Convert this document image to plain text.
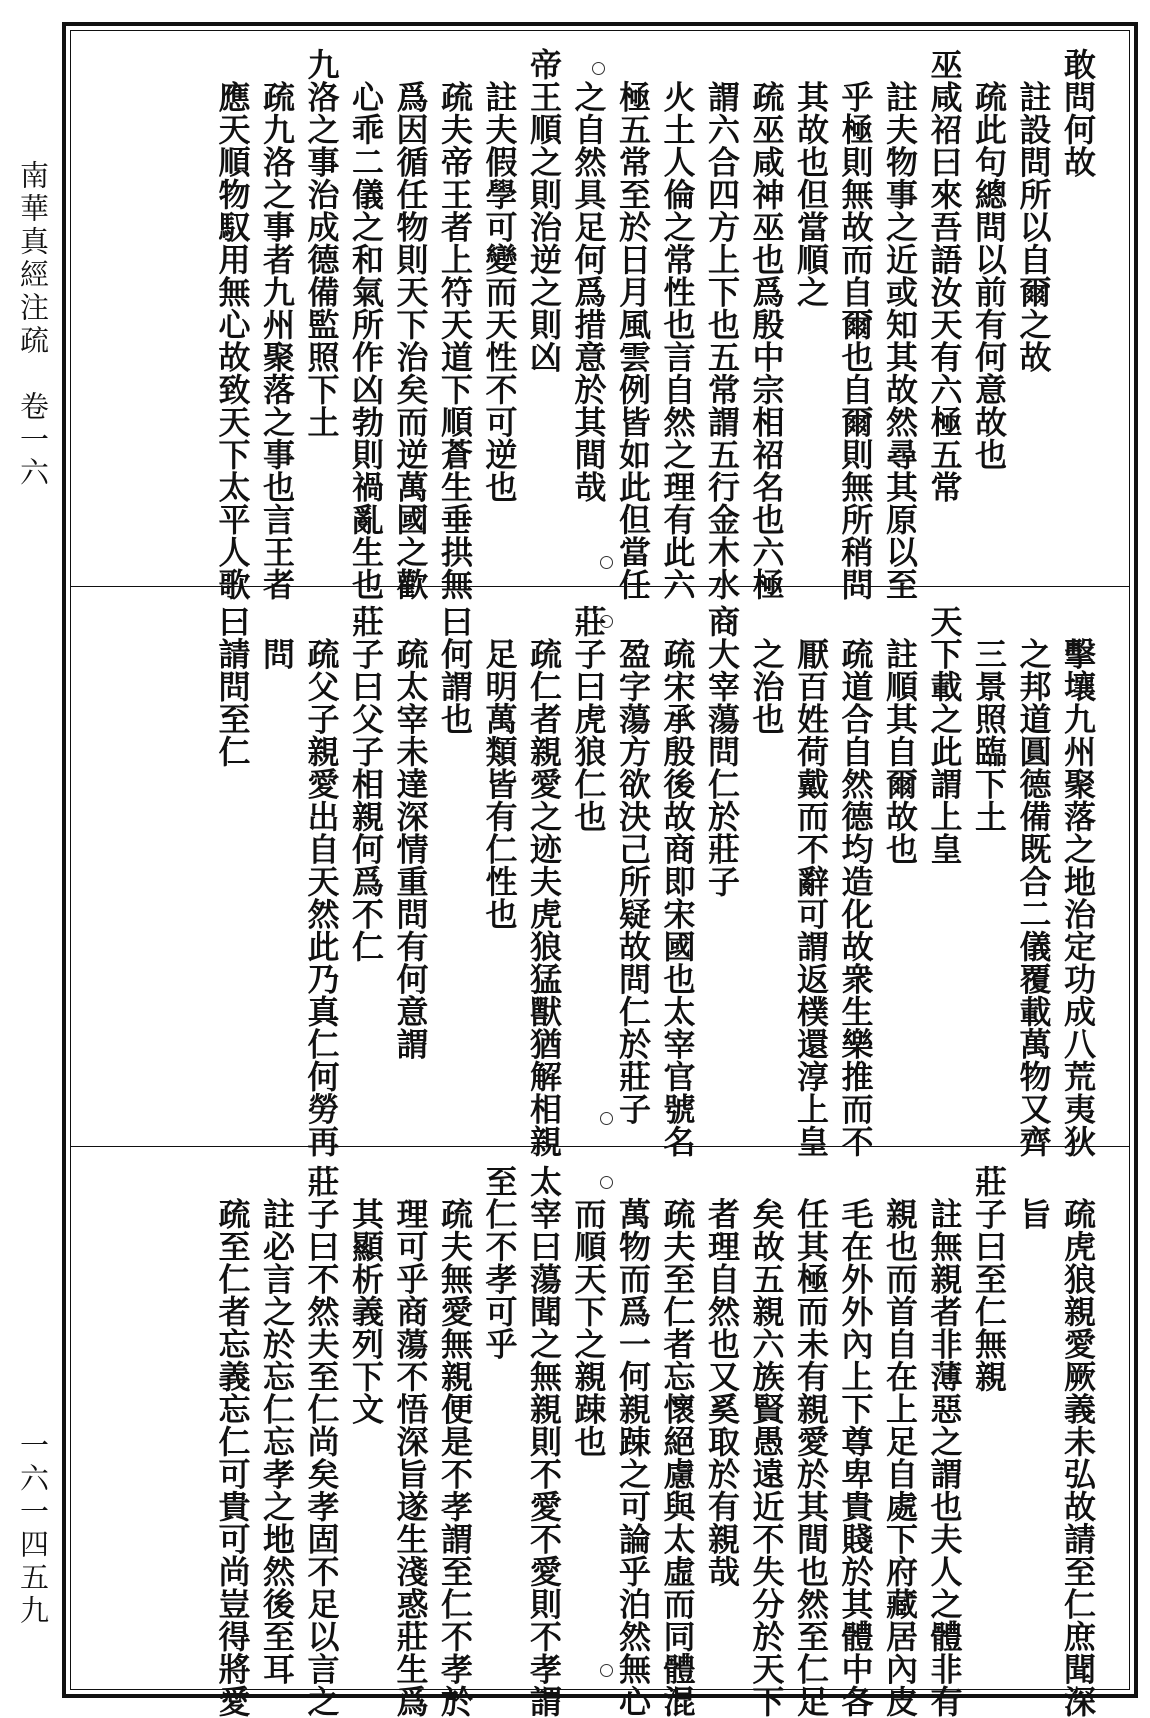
南華真經注疏　卷一六
一六一四五九
敢問何故
　註設問所以自爾之故
　疏此句總問以前有何意故也
巫咸祒曰來吾語汝天有六極五常
　註夫物事之近或知其故然尋其原以至
　乎極則無故而自爾也自爾則無所稍問
　其故也但當順之
　疏巫咸神巫也爲殷中宗相祒名也六極
　謂六合四方上下也五常謂五行金木水
　火土人倫之常性也言自然之理有此六
　極五常至於日月風雲例皆如此但當任
　之自然具足何爲措意於其間哉
帝王順之則治逆之則凶
　註夫假學可變而天性不可逆也
　疏夫帝王者上符天道下順蒼生垂拱無
　爲因循任物則天下治矣而逆萬國之歡
　心乖二儀之和氣所作凶勃則禍亂生也
九洛之事治成德備監照下土
　疏九洛之事者九州聚落之事也言王者
　應天順物馭用無心故致天下太平人歌
　擊壤九州聚落之地治定功成八荒夷狄
　之邦道圓德備既合二儀覆載萬物又齊
　三景照臨下土
天下載之此謂上皇
　註順其自爾故也
　疏道合自然德均造化故衆生樂推而不
　厭百姓荷戴而不辭可謂返樸還淳上皇
　之治也
商大宰蕩問仁於莊子
　疏宋承殷後故商即宋國也太宰官號名
　盈字蕩方欲決己所疑故問仁於莊子
莊子曰虎狼仁也
　疏仁者親愛之迹夫虎狼猛獸猶解相親
　足明萬類皆有仁性也
曰何謂也
　疏太宰未達深情重問有何意謂
莊子曰父子相親何爲不仁
　疏父子親愛出自天然此乃真仁何勞再
　問
曰請問至仁
　疏虎狼親愛厥義未弘故請至仁庶聞深
　旨
莊子曰至仁無親
　註無親者非薄惡之謂也夫人之體非有
　親也而首自在上足自處下府藏居內皮
　毛在外外內上下尊卑貴賤於其體中各
　任其極而未有親愛於其間也然至仁足
　矣故五親六族賢愚遠近不失分於天下
　者理自然也又奚取於有親哉
　疏夫至仁者忘懷絕慮與太虛而同體混
　萬物而爲一何親踈之可論乎泊然無心
　而順天下之親踈也
太宰曰蕩聞之無親則不愛不愛則不孝謂
至仁不孝可乎
　疏夫無愛無親便是不孝謂至仁不孝於
　理可乎商蕩不悟深旨遂生淺惑莊生爲
　其顯析義列下文
莊子曰不然夫至仁尚矣孝固不足以言之
　註必言之於忘仁忘孝之地然後至耳
　疏至仁者忘義忘仁可貴可尚豈得將愛
